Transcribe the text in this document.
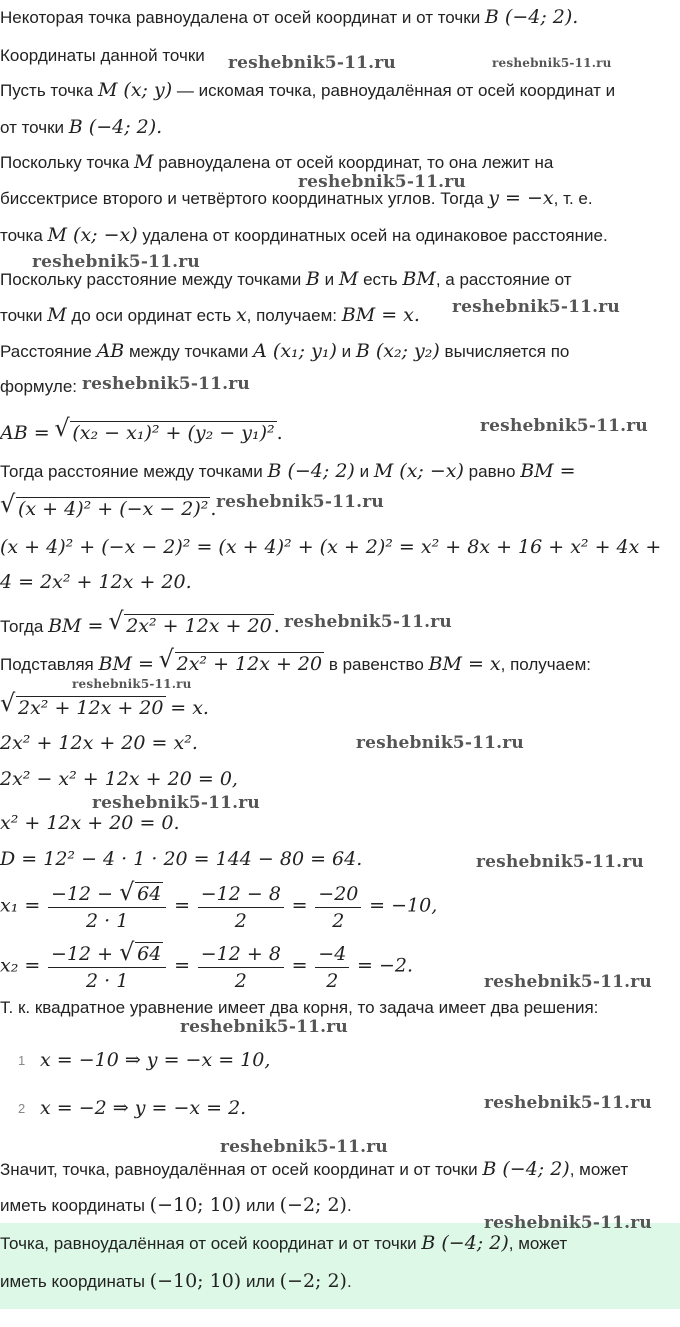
Некоторая точка равноудалена от осей координат и от точки B (−4; 2).
Координаты данной точки
Пусть точка M (x; y) — искомая точка, равноудалённая от осей координат и
от точки B (−4; 2).
Поскольку точка M равноудалена от осей координат, то она лежит на
биссектрисе второго и четвёртого координатных углов. Тогда y = −x, т. е.
точка M (x; −x) удалена от координатных осей на одинаковое расстояние.
Поскольку расстояние между точками B и M есть BM, а расстояние от
точки M до оси ординат есть x, получаем: BM = x.
Расстояние AB между точками A (x₁; y₁) и B (x₂; y₂) вычисляется по
формуле:
AB = √ (x₂ − x₁)² + (y₂ − y₁)² .
Тогда расстояние между точками B (−4; 2) и M (x; −x) равно BM =
√ (x + 4)² + (−x − 2)² .
(x + 4)² + (−x − 2)² = (x + 4)² + (x + 2)² = x² + 8x + 16 + x² + 4x +
4 = 2x² + 12x + 20.
Тогда BM = √ 2x² + 12x + 20 .
Подставляя BM = √ 2x² + 12x + 20 в равенство BM = x, получаем:
√ 2x² + 12x + 20 = x.
2x² + 12x + 20 = x².
2x² − x² + 12x + 20 = 0,
x² + 12x + 20 = 0.
D = 12² − 4 · 1 · 20 = 144 − 80 = 64.
$x_1 = \frac{-12 - √ 64}{2 \cdot 1} = \frac{-12 - 8}{2} = \frac{-20}{2} = -10$,
$x_2 = \frac{-12 + √ 64}{2 \cdot 1} = \frac{-12 + 8}{2} = \frac{-4}{2} = -2$.
Т. к. квадратное уравнение имеет два корня, то задача имеет два решения:
1 x = −10 ⇒ y = −x = 10,
2 x = −2 ⇒ y = −x = 2.
Значит, точка, равноудалённая от осей координат и от точки B (−4; 2), может
иметь координаты (−10; 10) или (−2; 2).
Точка, равноудалённая от осей координат и от точки B (−4; 2), может
иметь координаты (−10; 10) или (−2; 2).
reshebnik5-11.ru	reshebnik5-11.ru
reshebnik5-11.ru
reshebnik5-11.ru
reshebnik5-11.ru
reshebnik5-11.ru
reshebnik5-11.ru
reshebnik5-11.ru
reshebnik5-11.ru
reshebnik5-11.ru
reshebnik5-11.ru
reshebnik5-11.ru
reshebnik5-11.ru
reshebnik5-11.ru
reshebnik5-11.ru
reshebnik5-11.ru
reshebnik5-11.ru
reshebnik5-11.ru
